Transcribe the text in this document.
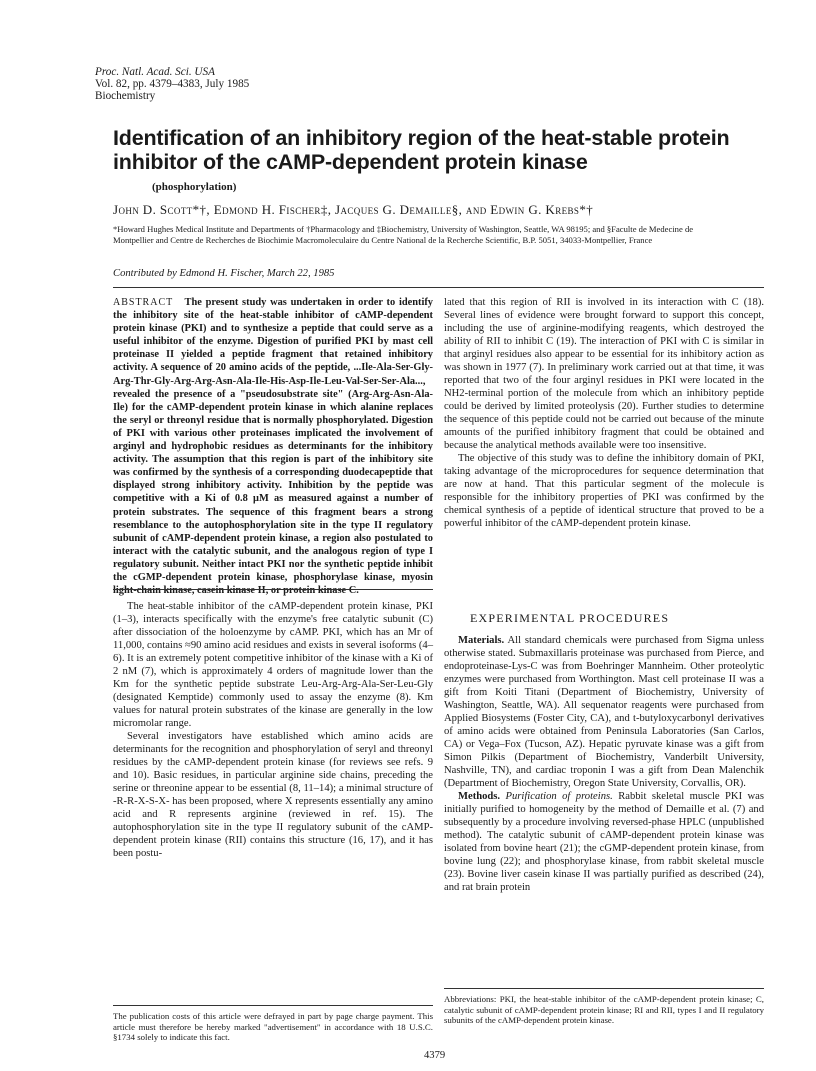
Proc. Natl. Acad. Sci. USA
Vol. 82, pp. 4379–4383, July 1985
Biochemistry
Identification of an inhibitory region of the heat-stable protein inhibitor of the cAMP-dependent protein kinase
(phosphorylation)
John D. Scott*†, Edmond H. Fischer‡, Jacques G. Demaille§, and Edwin G. Krebs*†
*Howard Hughes Medical Institute and Departments of †Pharmacology and ‡Biochemistry, University of Washington, Seattle, WA 98195; and §Faculte de Medecine de Montpellier and Centre de Recherches de Biochimie Macromoleculaire du Centre National de la Recherche Scientific, B.P. 5051, 34033-Montpellier, France
Contributed by Edmond H. Fischer, March 22, 1985

ABSTRACT The present study was undertaken in order to identify the inhibitory site of the heat-stable inhibitor of cAMP-dependent protein kinase (PKI) and to synthesize a peptide that could serve as a useful inhibitor of the enzyme. Digestion of purified PKI by mast cell proteinase II yielded a peptide fragment that retained inhibitory activity. A sequence of 20 amino acids of the peptide, ...Ile-Ala-Ser-Gly-Arg-Thr-Gly-Arg-Arg-Asn-Ala-Ile-His-Asp-Ile-Leu-Val-Ser-Ser-Ala..., revealed the presence of a "pseudosubstrate site" (Arg-Arg-Asn-Ala-Ile) for the cAMP-dependent protein kinase in which alanine replaces the seryl or threonyl residue that is normally phosphorylated. Digestion of PKI with various other proteinases implicated the involvement of arginyl and hydrophobic residues as determinants for the inhibitory activity. The assumption that this region is part of the inhibitory site was confirmed by the synthesis of a corresponding duodecapeptide that displayed strong inhibitory activity. Inhibition by the peptide was competitive with a Ki of 0.8 μM as measured against a number of protein substrates. The sequence of this fragment bears a strong resemblance to the autophosphorylation site in the type II regulatory subunit of cAMP-dependent protein kinase, a region also postulated to interact with the catalytic subunit, and the analogous region of type I regulatory subunit. Neither intact PKI nor the synthetic peptide inhibit the cGMP-dependent protein kinase, phosphorylase kinase, myosin light-chain kinase, casein kinase II, or protein kinase C.

The heat-stable inhibitor of the cAMP-dependent protein kinase, PKI (1–3), interacts specifically with the enzyme's free catalytic subunit (C) after dissociation of the holoenzyme by cAMP. PKI, which has an Mr of 11,000, contains ≈90 amino acid residues and exists in several isoforms (4–6). It is an extremely potent competitive inhibitor of the kinase with a Ki of 2 nM (7), which is approximately 4 orders of magnitude lower than the Km for the synthetic peptide substrate Leu-Arg-Arg-Ala-Ser-Leu-Gly (designated Kemptide) commonly used to assay the enzyme (8). Km values for natural protein substrates of the kinase are generally in the low micromolar range.

Several investigators have established which amino acids are determinants for the recognition and phosphorylation of seryl and threonyl residues by the cAMP-dependent protein kinase (for reviews see refs. 9 and 10). Basic residues, in particular arginine side chains, preceding the serine or threonine appear to be essential (8, 11–14); a minimal structure of -R-R-X-S-X- has been proposed, where X represents essentially any amino acid and R represents arginine (reviewed in ref. 15). The autophosphorylation site in the type II regulatory subunit of the cAMP-dependent protein kinase (RII) contains this structure (16, 17), and it has been postu-

The publication costs of this article were defrayed in part by page charge payment. This article must therefore be hereby marked "advertisement" in accordance with 18 U.S.C. §1734 solely to indicate this fact.

lated that this region of RII is involved in its interaction with C (18). Several lines of evidence were brought forward to support this concept, including the use of arginine-modifying reagents, which destroyed the ability of RII to inhibit C (19). The interaction of PKI with C is similar in that arginyl residues also appear to be essential for its inhibitory action as was shown in 1977 (7). In preliminary work carried out at that time, it was reported that two of the four arginyl residues in PKI were located in the NH2-terminal portion of the molecule from which an inhibitory peptide could be derived by limited proteolysis (20). Further studies to determine the sequence of this peptide could not be carried out because of the minute amounts of the purified inhibitory fragment that could be obtained and because the analytical methods available were too insensitive.

The objective of this study was to define the inhibitory domain of PKI, taking advantage of the microprocedures for sequence determination that are now at hand. That this particular segment of the molecule is responsible for the inhibitory properties of PKI was confirmed by the chemical synthesis of a peptide of identical structure that proved to be a powerful inhibitor of the cAMP-dependent protein kinase.

EXPERIMENTAL PROCEDURES

Materials. All standard chemicals were purchased from Sigma unless otherwise stated. Submaxillaris proteinase was purchased from Pierce, and endoproteinase-Lys-C was from Boehringer Mannheim. Other proteolytic enzymes were purchased from Worthington. Mast cell proteinase II was a gift from Koiti Titani (Department of Biochemistry, University of Washington, Seattle, WA). All sequenator reagents were purchased from Applied Biosystems (Foster City, CA), and t-butyloxycarbonyl derivatives of amino acids were obtained from Peninsula Laboratories (San Carlos, CA) or Vega–Fox (Tucson, AZ). Hepatic pyruvate kinase was a gift from Simon Pilkis (Department of Biochemistry, Vanderbilt University, Nashville, TN), and cardiac troponin I was a gift from Dean Malenchik (Department of Biochemistry, Oregon State University, Corvallis, OR).

Methods. Purification of proteins. Rabbit skeletal muscle PKI was initially purified to homogeneity by the method of Demaille et al. (7) and subsequently by a procedure involving reversed-phase HPLC (unpublished method). The catalytic subunit of cAMP-dependent protein kinase was isolated from bovine heart (21); the cGMP-dependent protein kinase, from bovine lung (22); and phosphorylase kinase, from rabbit skeletal muscle (23). Bovine liver casein kinase II was partially purified as described (24), and rat brain protein

Abbreviations: PKI, the heat-stable inhibitor of the cAMP-dependent protein kinase; C, catalytic subunit of cAMP-dependent protein kinase; RI and RII, types I and II regulatory subunits of the cAMP-dependent protein kinase.
4379
